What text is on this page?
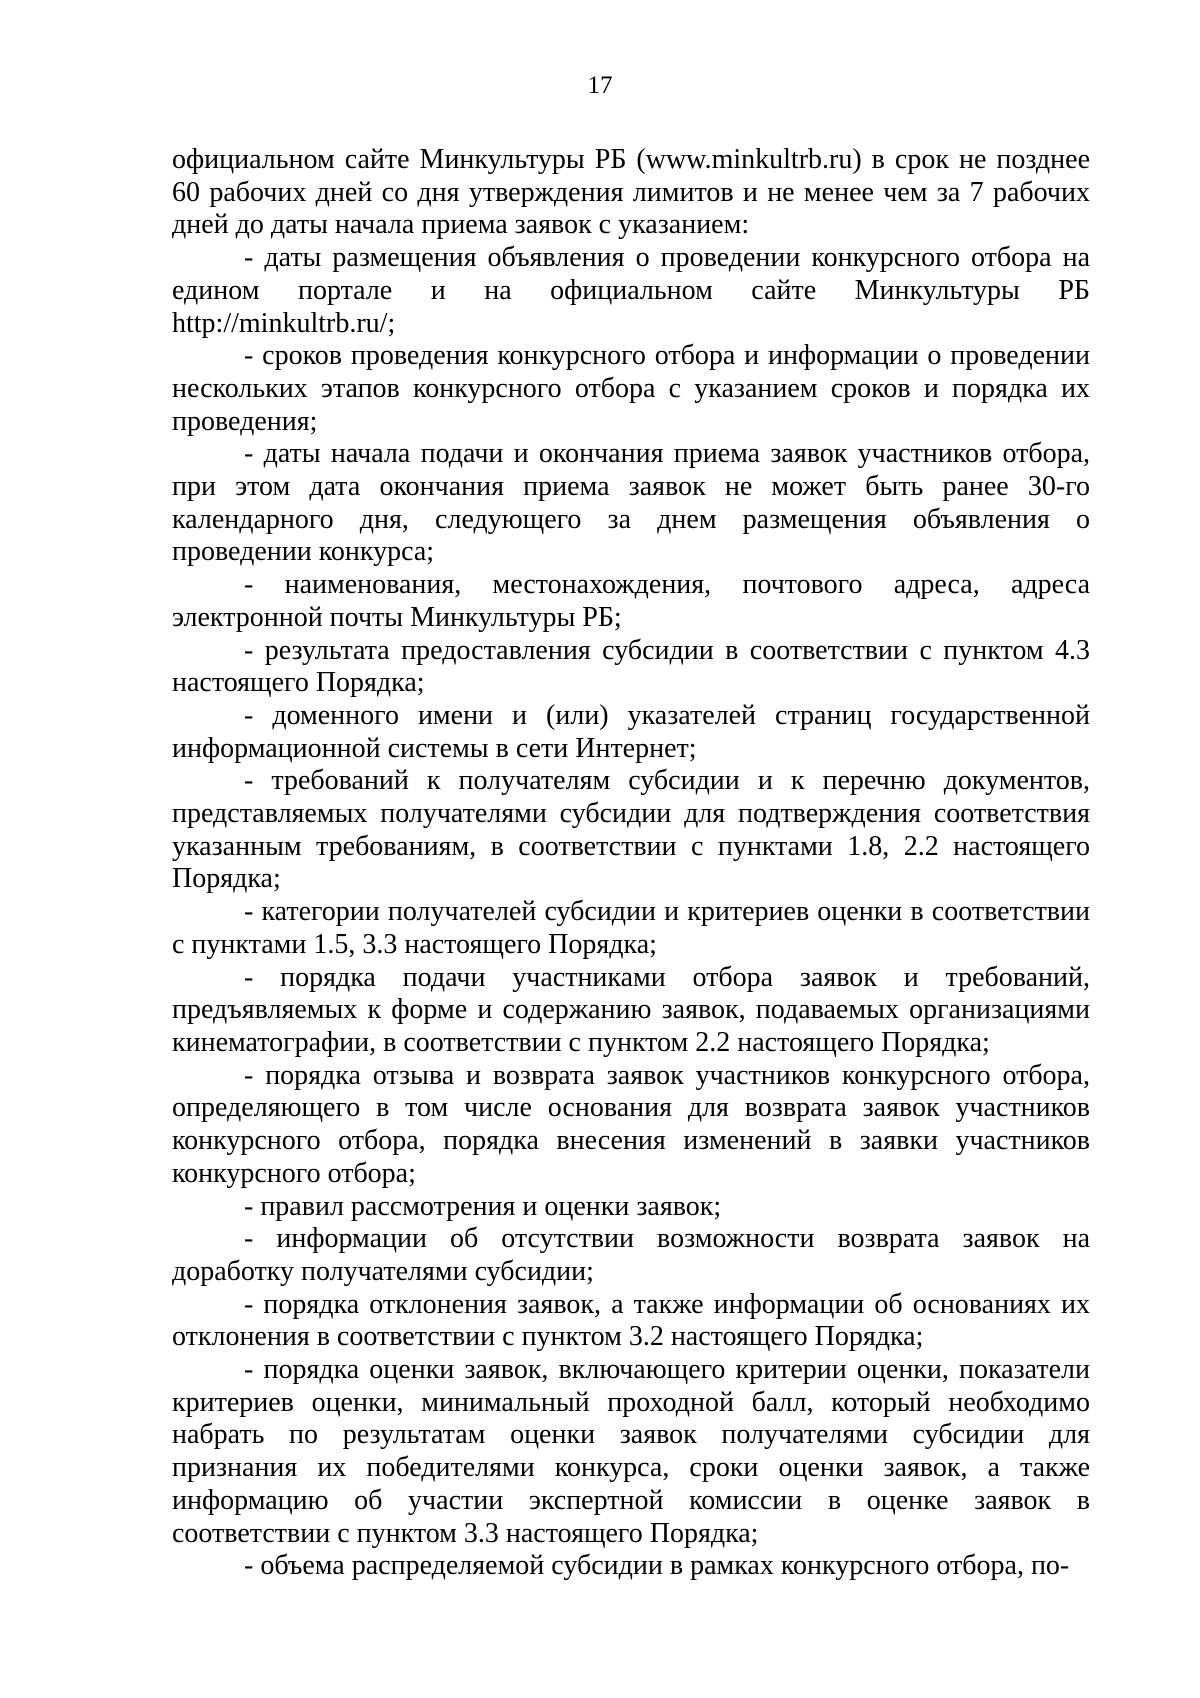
17

официальном сайте Минкультуры РБ (www.minkultrb.ru) в срок не позднее 60 рабочих дней со дня утверждения лимитов и не менее чем за 7 рабочих дней до даты начала приема заявок с указанием:

- даты размещения объявления о проведении конкурсного отбора на едином портале и на официальном сайте Минкультуры РБ http://minkultrb.ru/;

- сроков проведения конкурсного отбора и информации о проведении нескольких этапов конкурсного отбора с указанием сроков и порядка их проведения;

- даты начала подачи и окончания приема заявок участников отбора, при этом дата окончания приема заявок не может быть ранее 30-го календарного дня, следующего за днем размещения объявления о проведении конкурса;

- наименования, местонахождения, почтового адреса, адреса электронной почты Минкультуры РБ;

- результата предоставления субсидии в соответствии с пунктом 4.3 настоящего Порядка;

- доменного имени и (или) указателей страниц государственной информационной системы в сети Интернет;

- требований к получателям субсидии и к перечню документов, представляемых получателями субсидии для подтверждения соответствия указанным требованиям, в соответствии с пунктами 1.8, 2.2 настоящего Порядка;

- категории получателей субсидии и критериев оценки в соответствии с пунктами 1.5, 3.3 настоящего Порядка;

- порядка подачи участниками отбора заявок и требований, предъявляемых к форме и содержанию заявок, подаваемых организациями кинематографии, в соответствии с пунктом 2.2 настоящего Порядка;

- порядка отзыва и возврата заявок участников конкурсного отбора, определяющего в том числе основания для возврата заявок участников конкурсного отбора, порядка внесения изменений в заявки участников конкурсного отбора;

- правил рассмотрения и оценки заявок;

- информации об отсутствии возможности возврата заявок на доработку получателями субсидии;

- порядка отклонения заявок, а также информации об основаниях их отклонения в соответствии с пунктом 3.2 настоящего Порядка;

- порядка оценки заявок, включающего критерии оценки, показатели критериев оценки, минимальный проходной балл, который необходимо набрать по результатам оценки заявок получателями субсидии для признания их победителями конкурса, сроки оценки заявок, а также информацию об участии экспертной комиссии в оценке заявок в соответствии с пунктом 3.3 настоящего Порядка;

- объема распределяемой субсидии в рамках конкурсного отбора, по-
